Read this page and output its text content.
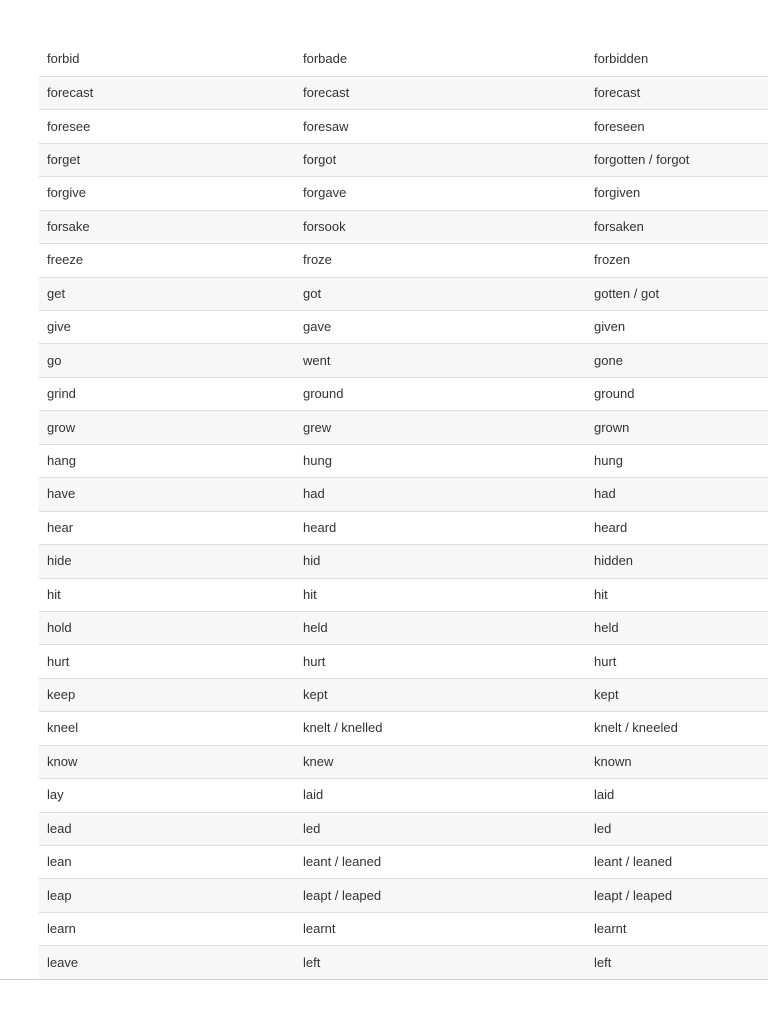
forbid	forbade	forbidden
forecast	forecast	forecast
foresee	foresaw	foreseen
forget	forgot	forgotten / forgot
forgive	forgave	forgiven
forsake	forsook	forsaken
freeze	froze	frozen
get	got	gotten / got
give	gave	given
go	went	gone
grind	ground	ground
grow	grew	grown
hang	hung	hung
have	had	had
hear	heard	heard
hide	hid	hidden
hit	hit	hit
hold	held	held
hurt	hurt	hurt
keep	kept	kept
kneel	knelt / knelled	knelt / kneeled
know	knew	known
lay	laid	laid
lead	led	led
lean	leant / leaned	leant / leaned
leap	leapt / leaped	leapt / leaped
learn	learnt	learnt
leave	left	left
